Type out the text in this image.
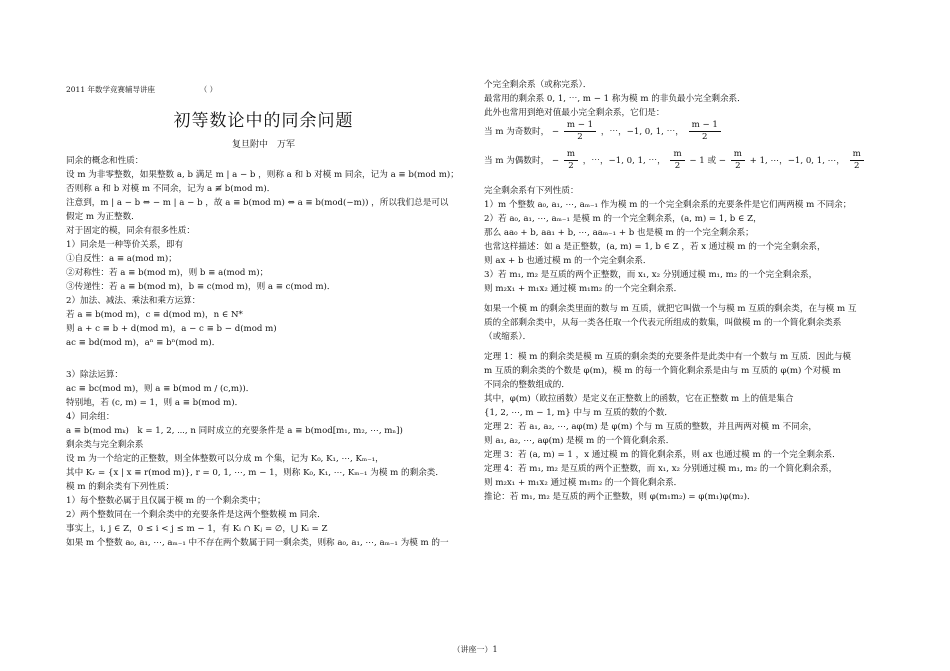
2011 年数学竞赛辅导讲座	（ ）
初等数论中的同余问题
复旦附中　万军
同余的概念和性质：
设 m 为非零整数，如果整数 a, b 满足 m | a − b ，则称 a 和 b 对模 m 同余，记为 a ≡ b(mod m)；
否则称 a 和 b 对模 m 不同余，记为 a ≢ b(mod m)．
注意到，m | a − b ⇔ − m | a − b ，故 a ≡ b(mod m) ⇔ a ≡ b(mod(−m)) ，所以我们总是可以
假定 m 为正整数．
对于固定的模，同余有很多性质：
1）同余是一种等价关系，即有
①自反性：a ≡ a(mod m)；
②对称性：若 a ≡ b(mod m)，则 b ≡ a(mod m)；
③传递性：若 a ≡ b(mod m)，b ≡ c(mod m)，则 a ≡ c(mod m)．
2）加法、减法、乘法和乘方运算：
若 a ≡ b(mod m)，c ≡ d(mod m)，n ∈ N*
则 a + c ≡ b + d(mod m)，a − c ≡ b − d(mod m)
ac ≡ bd(mod m)，aⁿ ≡ bⁿ(mod m)．
3）除法运算：
ac ≡ bc(mod m)，则 a ≡ b(mod m / (c,m))．
特别地，若 (c, m) = 1，则 a ≡ b(mod m)．
4）同余组：
a ≡ b(mod mₖ)　k = 1, 2, ⋯, n 同时成立的充要条件是 a ≡ b(mod[m₁, m₂, ⋯, mₙ])
剩余类与完全剩余系
设 m 为一个给定的正整数，则全体整数可以分成 m 个集，记为 K₀, K₁, ⋯, Kₘ₋₁，
其中 Kᵣ = {x | x ≡ r(mod m)}, r = 0, 1, ⋯, m − 1，则称 K₀, K₁, ⋯, Kₘ₋₁ 为模 m 的剩余类．
模 m 的剩余类有下列性质：
1）每个整数必属于且仅属于模 m 的一个剩余类中；
2）两个整数同在一个剩余类中的充要条件是这两个整数模 m 同余．
事实上，i, j ∈ Z，0 ≤ i < j ≤ m − 1，有 Kᵢ ∩ Kⱼ = ∅，⋃ Kᵢ = Z
如果 m 个整数 a₀, a₁, ⋯, aₘ₋₁ 中不存在两个数属于同一剩余类，则称 a₀, a₁, ⋯, aₘ₋₁ 为模 m 的一
个完全剩余系（或称完系）．
最常用的剩余系 0, 1, ⋯, m − 1 称为模 m 的非负最小完全剩余系．
此外也常用到绝对值最小完全剩余系，它们是：
当 m 为奇数时， − $\frac{m - 1}{2}$ ，⋯，−1, 0, 1, ⋯， $\frac{m - 1}{2}$
当 m 为偶数时， − $\frac{m}{2}$ ，⋯，−1, 0, 1, ⋯， $\frac{m}{2} - 1$ 或 − $\frac{m}{2} + 1$, ⋯，−1, 0, 1, ⋯， $\frac{m}{2}$
完全剩余系有下列性质：
1）m 个整数 a₀, a₁, ⋯, aₘ₋₁ 作为模 m 的一个完全剩余系的充要条件是它们两两模 m 不同余；
2）若 a₀, a₁, ⋯, aₘ₋₁ 是模 m 的一个完全剩余系，(a, m) = 1, b ∈ Z，
那么 aa₀ + b, aa₁ + b, ⋯, aaₘ₋₁ + b 也是模 m 的一个完全剩余系；
也常这样描述：如 a 是正整数，(a, m) = 1, b ∈ Z ，若 x 通过模 m 的一个完全剩余系，
则 ax + b 也通过模 m 的一个完全剩余系．
3）若 m₁, m₂ 是互质的两个正整数，而 x₁, x₂ 分别通过模 m₁, m₂ 的一个完全剩余系，
则 m₂x₁ + m₁x₂ 通过模 m₁m₂ 的一个完全剩余系．
如果一个模 m 的剩余类里面的数与 m 互质，就把它叫做一个与模 m 互质的剩余类，在与模 m 互
质的全部剩余类中，从每一类各任取一个代表元所组成的数集，叫做模 m 的一个简化剩余类系
（或缩系）．
定理 1：模 m 的剩余类是模 m 互质的剩余类的充要条件是此类中有一个数与 m 互质．因此与模
m 互质的剩余类的个数是 φ(m)，模 m 的每一个简化剩余系是由与 m 互质的 φ(m) 个对模 m
不同余的整数组成的．
其中，φ(m)（欧拉函数）是定义在正整数上的函数，它在正整数 m 上的值是集合
{1, 2, ⋯, m − 1, m} 中与 m 互质的数的个数．
定理 2：若 a₁, a₂, ⋯, aφ(m) 是 φ(m) 个与 m 互质的整数，并且两两对模 m 不同余，
则 a₁, a₂, ⋯, aφ(m) 是模 m 的一个简化剩余系．
定理 3：若 (a, m) = 1 ，x 通过模 m 的简化剩余系，则 ax 也通过模 m 的一个完全剩余系．
定理 4：若 m₁, m₂ 是互质的两个正整数，而 x₁, x₂ 分别通过模 m₁, m₂ 的一个简化剩余系，
则 m₂x₁ + m₁x₂ 通过模 m₁m₂ 的一个简化剩余系．
推论：若 m₁, m₂ 是互质的两个正整数，则 φ(m₁m₂) = φ(m₁)φ(m₂)．
（讲座一）1
